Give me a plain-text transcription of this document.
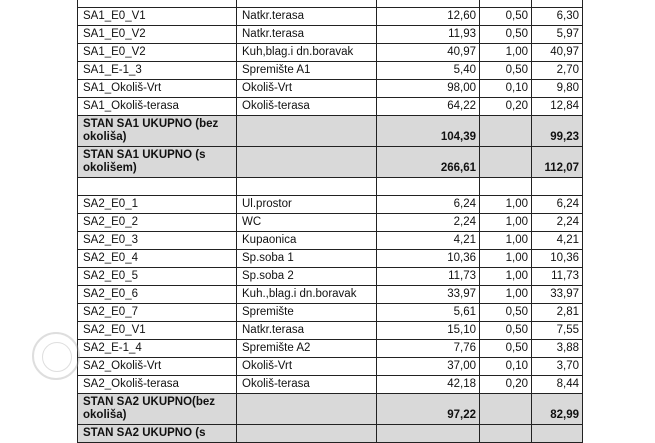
SA1_E0_V1	Natkr.terasa	12,60	0,50	6,30
SA1_E0_V2	Natkr.terasa	11,93	0,50	5,97
SA1_E0_V2	Kuh,blag.i dn.boravak	40,97	1,00	40,97
SA1_E-1_3	Spremište A1	5,40	0,50	2,70
SA1_Okoliš-Vrt	Okoliš-Vrt	98,00	0,10	9,80
SA1_Okoliš-terasa	Okoliš-terasa	64,22	0,20	12,84
STAN SA1 UKUPNO (bez okoliša)		104,39		99,23
STAN SA1 UKUPNO (s okolišem)		266,61		112,07

SA2_E0_1	Ul.prostor	6,24	1,00	6,24
SA2_E0_2	WC	2,24	1,00	2,24
SA2_E0_3	Kupaonica	4,21	1,00	4,21
SA2_E0_4	Sp.soba 1	10,36	1,00	10,36
SA2_E0_5	Sp.soba 2	11,73	1,00	11,73
SA2_E0_6	Kuh.,blag.i dn.boravak	33,97	1,00	33,97
SA2_E0_7	Spremište	5,61	0,50	2,81
SA2_E0_V1	Natkr.terasa	15,10	0,50	7,55
SA2_E-1_4	Spremište A2	7,76	0,50	3,88
SA2_Okoliš-Vrt	Okoliš-Vrt	37,00	0,10	3,70
SA2_Okoliš-terasa	Okoliš-terasa	42,18	0,20	8,44
STAN SA2 UKUPNO(bez okoliša)		97,22		82,99
STAN SA2 UKUPNO (s				
